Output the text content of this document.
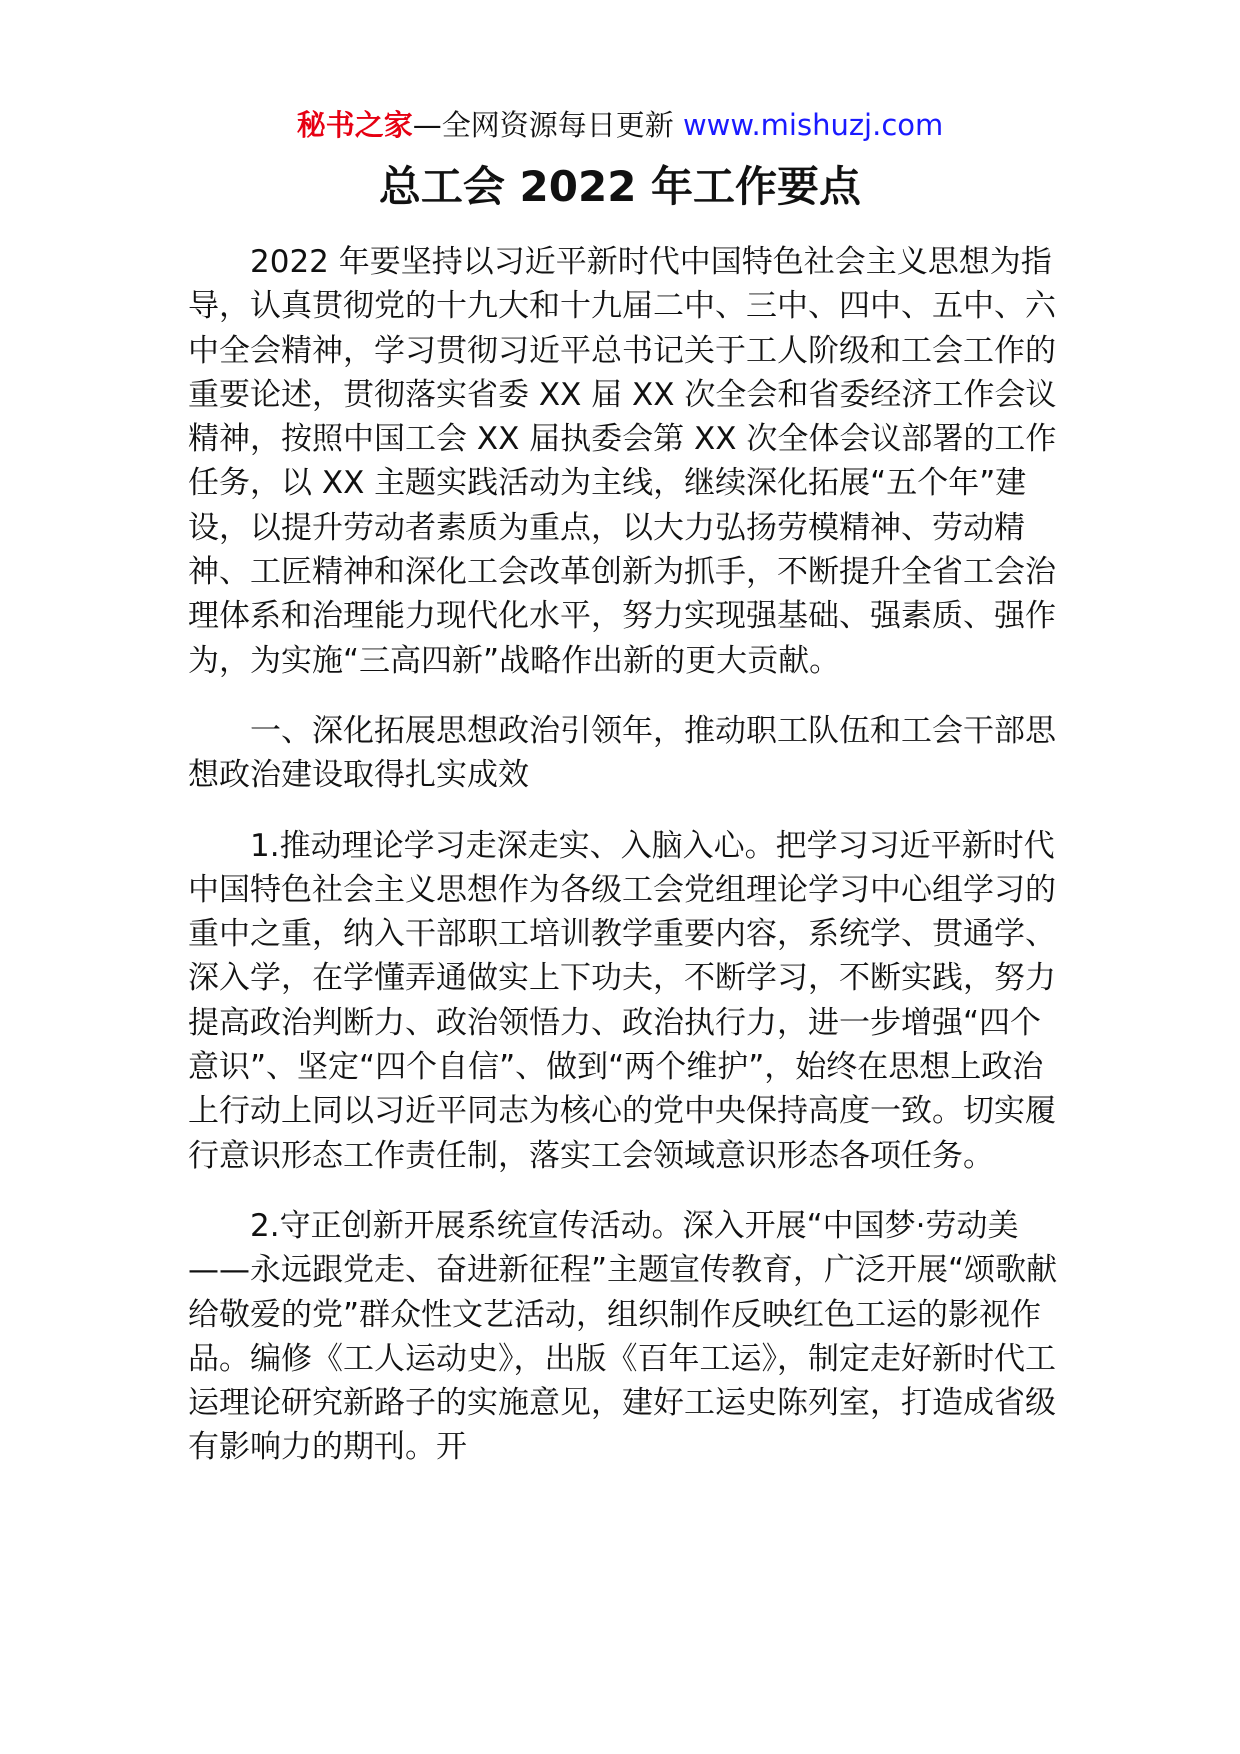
秘书之家—全网资源每日更新 www.mishuzj.com
总工会 2022 年工作要点

2022 年要坚持以习近平新时代中国特色社会主义思想为指导，认真贯彻党的十九大和十九届二中、三中、四中、五中、六中全会精神，学习贯彻习近平总书记关于工人阶级和工会工作的重要论述，贯彻落实省委 XX 届 XX 次全会和省委经济工作会议精神，按照中国工会 XX 届执委会第 XX 次全体会议部署的工作任务，以 XX 主题实践活动为主线，继续深化拓展“五个年”建设，以提升劳动者素质为重点，以大力弘扬劳模精神、劳动精神、工匠精神和深化工会改革创新为抓手，不断提升全省工会治理体系和治理能力现代化水平，努力实现强基础、强素质、强作为，为实施“三高四新”战略作出新的更大贡献。

一、深化拓展思想政治引领年，推动职工队伍和工会干部思想政治建设取得扎实成效

1.推动理论学习走深走实、入脑入心。把学习习近平新时代中国特色社会主义思想作为各级工会党组理论学习中心组学习的重中之重，纳入干部职工培训教学重要内容，系统学、贯通学、深入学，在学懂弄通做实上下功夫，不断学习，不断实践，努力提高政治判断力、政治领悟力、政治执行力，进一步增强“四个意识”、坚定“四个自信”、做到“两个维护”，始终在思想上政治上行动上同以习近平同志为核心的党中央保持高度一致。切实履行意识形态工作责任制，落实工会领域意识形态各项任务。

2.守正创新开展系统宣传活动。深入开展“中国梦·劳动美——永远跟党走、奋进新征程”主题宣传教育，广泛开展“颂歌献给敬爱的党”群众性文艺活动，组织制作反映红色工运的影视作品。编修《工人运动史》，出版《百年工运》，制定走好新时代工运理论研究新路子的实施意见，建好工运史陈列室，打造成省级有影响力的期刊。开
